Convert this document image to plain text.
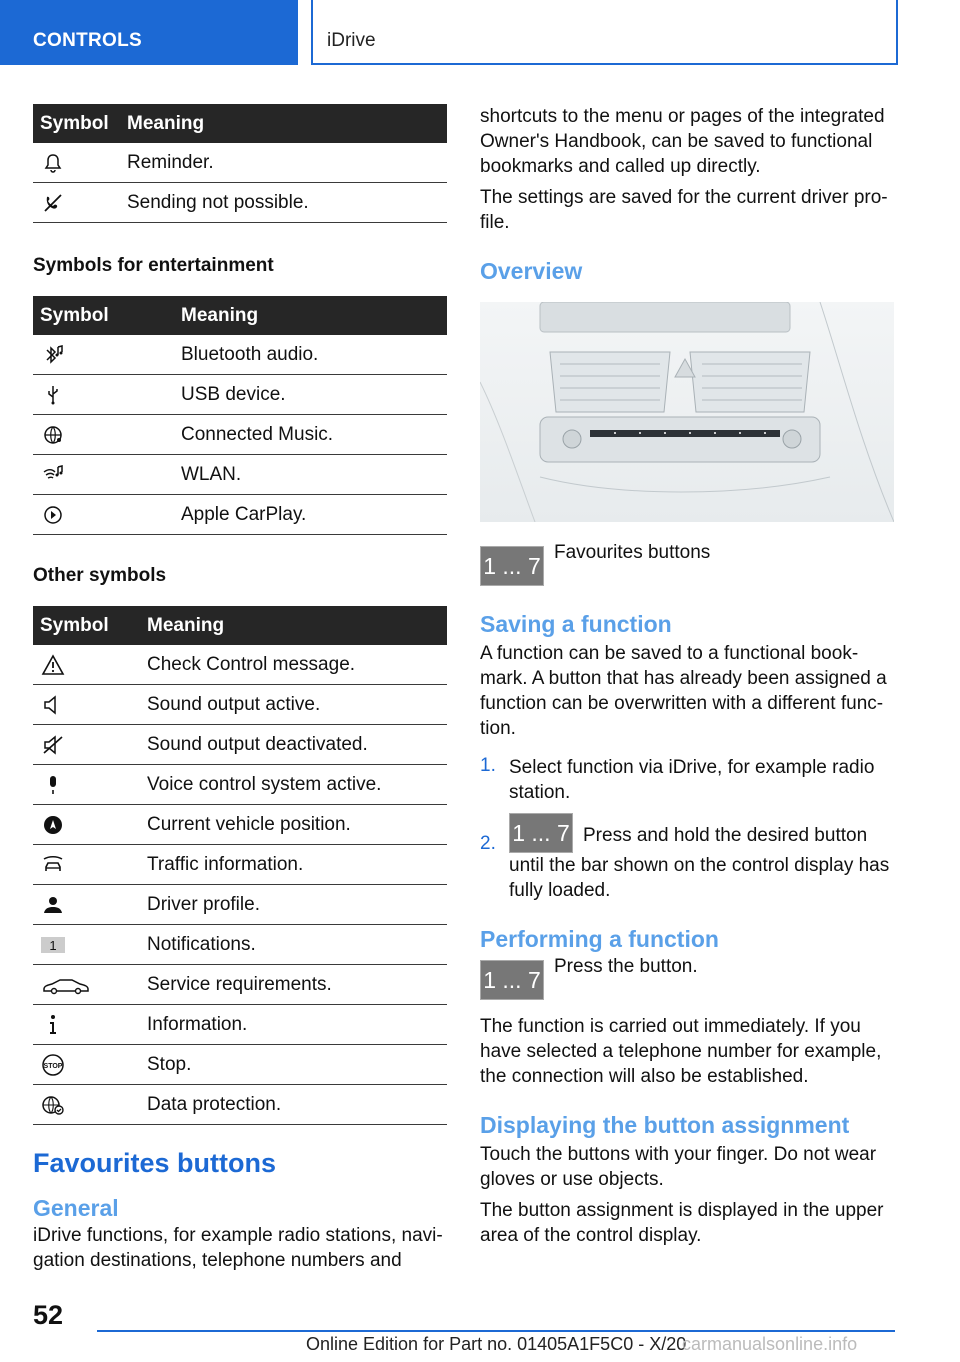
CONTROLS	iDrive
Symbol	Meaning

	Reminder.

	Sending not possible.

Symbols for entertainment

Symbol	Meaning

	Bluetooth audio.

	USB device.

	Connected Music.

	WLAN.

	Apple CarPlay.

Other symbols

Symbol	Meaning

	Check Control message.

	Sound output active.

	Sound output deactivated.

	Voice control system active.

	Current vehicle position.

	Traffic information.

	Driver profile.

1	Notifications.

	Service requirements.

	Information.

STOP	Stop.

	Data protection.

Favourites buttons

General

iDrive functions, for example radio stations, navi-gation destinations, telephone numbers and

shortcuts to the menu or pages of the integrated Owner's Handbook, can be saved to functional bookmarks and called up directly.

The settings are saved for the current driver pro-file.

Overview

1 ... 7
Favourites buttons

Saving a function

A function can be saved to a functional book-mark. A button that has already been assigned a function can be overwritten with a different func-tion.

1. Select function via iDrive, for example radio station.

2. 1 ... 7 Press and hold the desired button until the bar shown on the control display has fully loaded.

Performing a function

1 ... 7
Press the button.

The function is carried out immediately. If you have selected a telephone number for example, the connection will also be established.

Displaying the button assignment

Touch the buttons with your finger. Do not wear gloves or use objects.

The button assignment is displayed in the upper area of the control display.

52
Online Edition for Part no. 01405A1F5C0 - X/20
carmanualsonline.info
